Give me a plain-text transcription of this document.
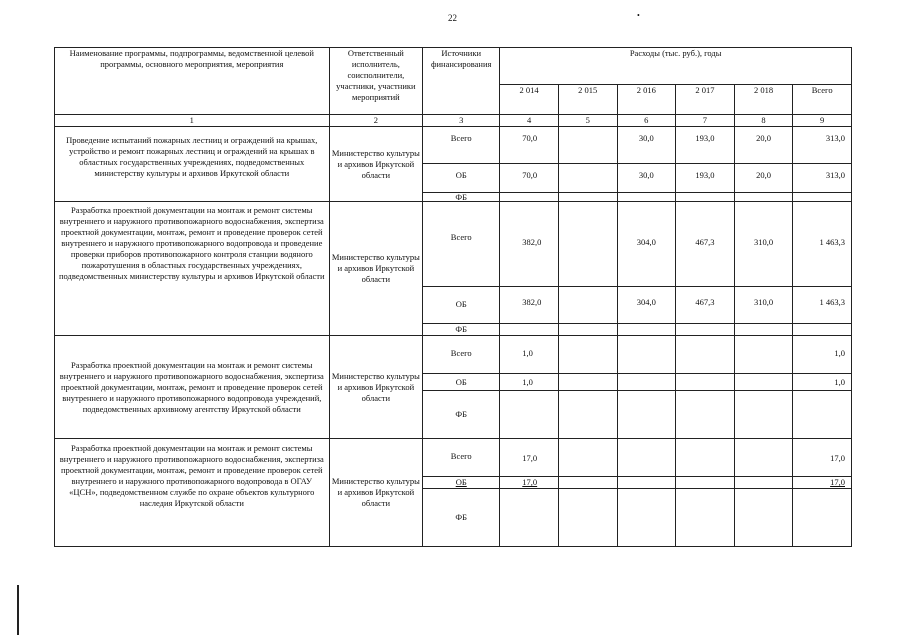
22	•
Наименование программы, подпрограммы, ведомственной целевой программы, основного мероприятия, мероприятия	Ответственный исполнитель, соисполнители, участники, участники мероприятий	Источники финансирования	Расходы (тыс. руб.), годы					
			2 014	2 015	2 016	2 017	2 018	Всего
1	2	3	4	5	6	7	8	9
Проведение испытаний пожарных лестниц и ограждений на крышах, устройство и ремонт пожарных лестниц и ограждений на крышах в областных государственных учреждениях, подведомственных министерству культуры и архивов Иркутской области	Министерство культуры и архивов Иркутской области	Всего	70,0		30,0	193,0	20,0	313,0
		ОБ	70,0		30,0	193,0	20,0	313,0
		ФБ						
Разработка проектной документации на монтаж и ремонт системы внутреннего и наружного противопожарного водоснабжения, экспертиза проектной документации, монтаж, ремонт и проведение проверок сетей внутреннего и наружного противопожарного водопровода и проведение проверки приборов противопожарного контроля станции водяного пожаротушения в областных государственных учреждениях, подведомственных министерству культуры и архивов Иркутской области	Министерство культуры и архивов Иркутской области	Всего	382,0		304,0	467,3	310,0	1 463,3
		ОБ	382,0		304,0	467,3	310,0	1 463,3
		ФБ						
Разработка проектной документации на монтаж и ремонт системы внутреннего и наружного противопожарного водоснабжения, экспертиза проектной документации, монтаж, ремонт и проведение проверок сетей внутреннего и наружного противопожарного водопровода учреждений, подведомственных архивному агентству Иркутской области	Министерство культуры и архивов Иркутской области	Всего	1,0					1,0
		ОБ	1,0					1,0
		ФБ						
Разработка проектной документации на монтаж и ремонт системы внутреннего и наружного противопожарного водоснабжения, экспертиза проектной документации, монтаж, ремонт и проведение проверок сетей внутреннего и наружного противопожарного водопровода в ОГАУ «ЦСН», подведомственном службе по охране объектов культурного наследия Иркутской области	Министерство культуры и архивов Иркутской области	Всего	17,0					17,0
		ОБ	17,0					17,0
		ФБ						
